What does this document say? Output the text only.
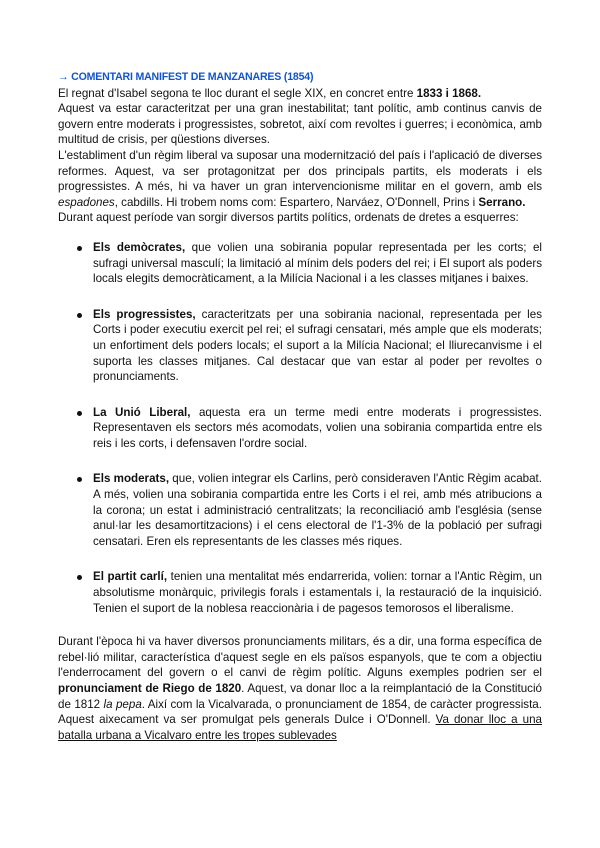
→ COMENTARI MANIFEST DE MANZANARES (1854)

El regnat d'Isabel segona te lloc durant el segle XIX, en concret entre 1833 i 1868.

Aquest va estar caracteritzat per una gran inestabilitat; tant polític, amb continus canvis de govern entre moderats i progressistes, sobretot, així com revoltes i guerres; i econòmica, amb multitud de crisis, per qüestions diverses.

L'establiment d'un règim liberal va suposar una modernització del país i l'aplicació de diverses reformes. Aquest, va ser protagonitzat per dos principals partits, els moderats i els progressistes. A més, hi va haver un gran intervencionisme militar en el govern, amb els espadones, cabdills. Hi trobem noms com: Espartero, Narváez, O'Donnell, Prins i Serrano.

Durant aquest període van sorgir diversos partits polítics, ordenats de dretes a esquerres:

Els demòcrates, que volien una sobirania popular representada per les corts; el sufragi universal masculí; la limitació al mínim dels poders del rei; i El suport als poders locals elegits democràticament, a la Milícia Nacional i a les classes mitjanes i baixes.
Els progressistes, caracteritzats per una sobirania nacional, representada per les Corts i poder executiu exercit pel rei; el sufragi censatari, més ample que els moderats; un enfortiment dels poders locals; el suport a la Milícia Nacional; el lliurecanvisme i el suporta les classes mitjanes. Cal destacar que van estar al poder per revoltes o pronunciaments.
La Unió Liberal, aquesta era un terme medi entre moderats i progressistes. Representaven els sectors més acomodats, volien una sobirania compartida entre els reis i les corts, i defensaven l'ordre social.
Els moderats, que, volien integrar els Carlins, però consideraven l'Antic Règim acabat. A més, volien una sobirania compartida entre les Corts i el rei, amb més atribucions a la corona; un estat i administració centralitzats; la reconciliació amb l'església (sense anul·lar les desamortitzacions) i el cens electoral de l'1-3% de la població per sufragi censatari. Eren els representants de les classes més riques.
El partit carlí, tenien una mentalitat més endarrerida, volien: tornar a l'Antic Règim, un absolutisme monàrquic, privilegis forals i estamentals i, la restauració de la inquisició. Tenien el suport de la noblesa reaccionària i de pagesos temorosos el liberalisme.

Durant l'època hi va haver diversos pronunciaments militars, és a dir, una forma específica de rebel·lió militar, característica d'aquest segle en els països espanyols, que te com a objectiu l'enderrocament del govern o el canvi de règim polític. Alguns exemples podrien ser el pronunciament de Riego de 1820. Aquest, va donar lloc a la reimplantació de la Constitució de 1812 la pepa. Així com la Vicalvarada, o pronunciament de 1854, de caràcter progressista. Aquest aixecament va ser promulgat pels generals Dulce i O'Donnell. Va donar lloc a una batalla urbana a Vicalvaro entre les tropes sublevades
